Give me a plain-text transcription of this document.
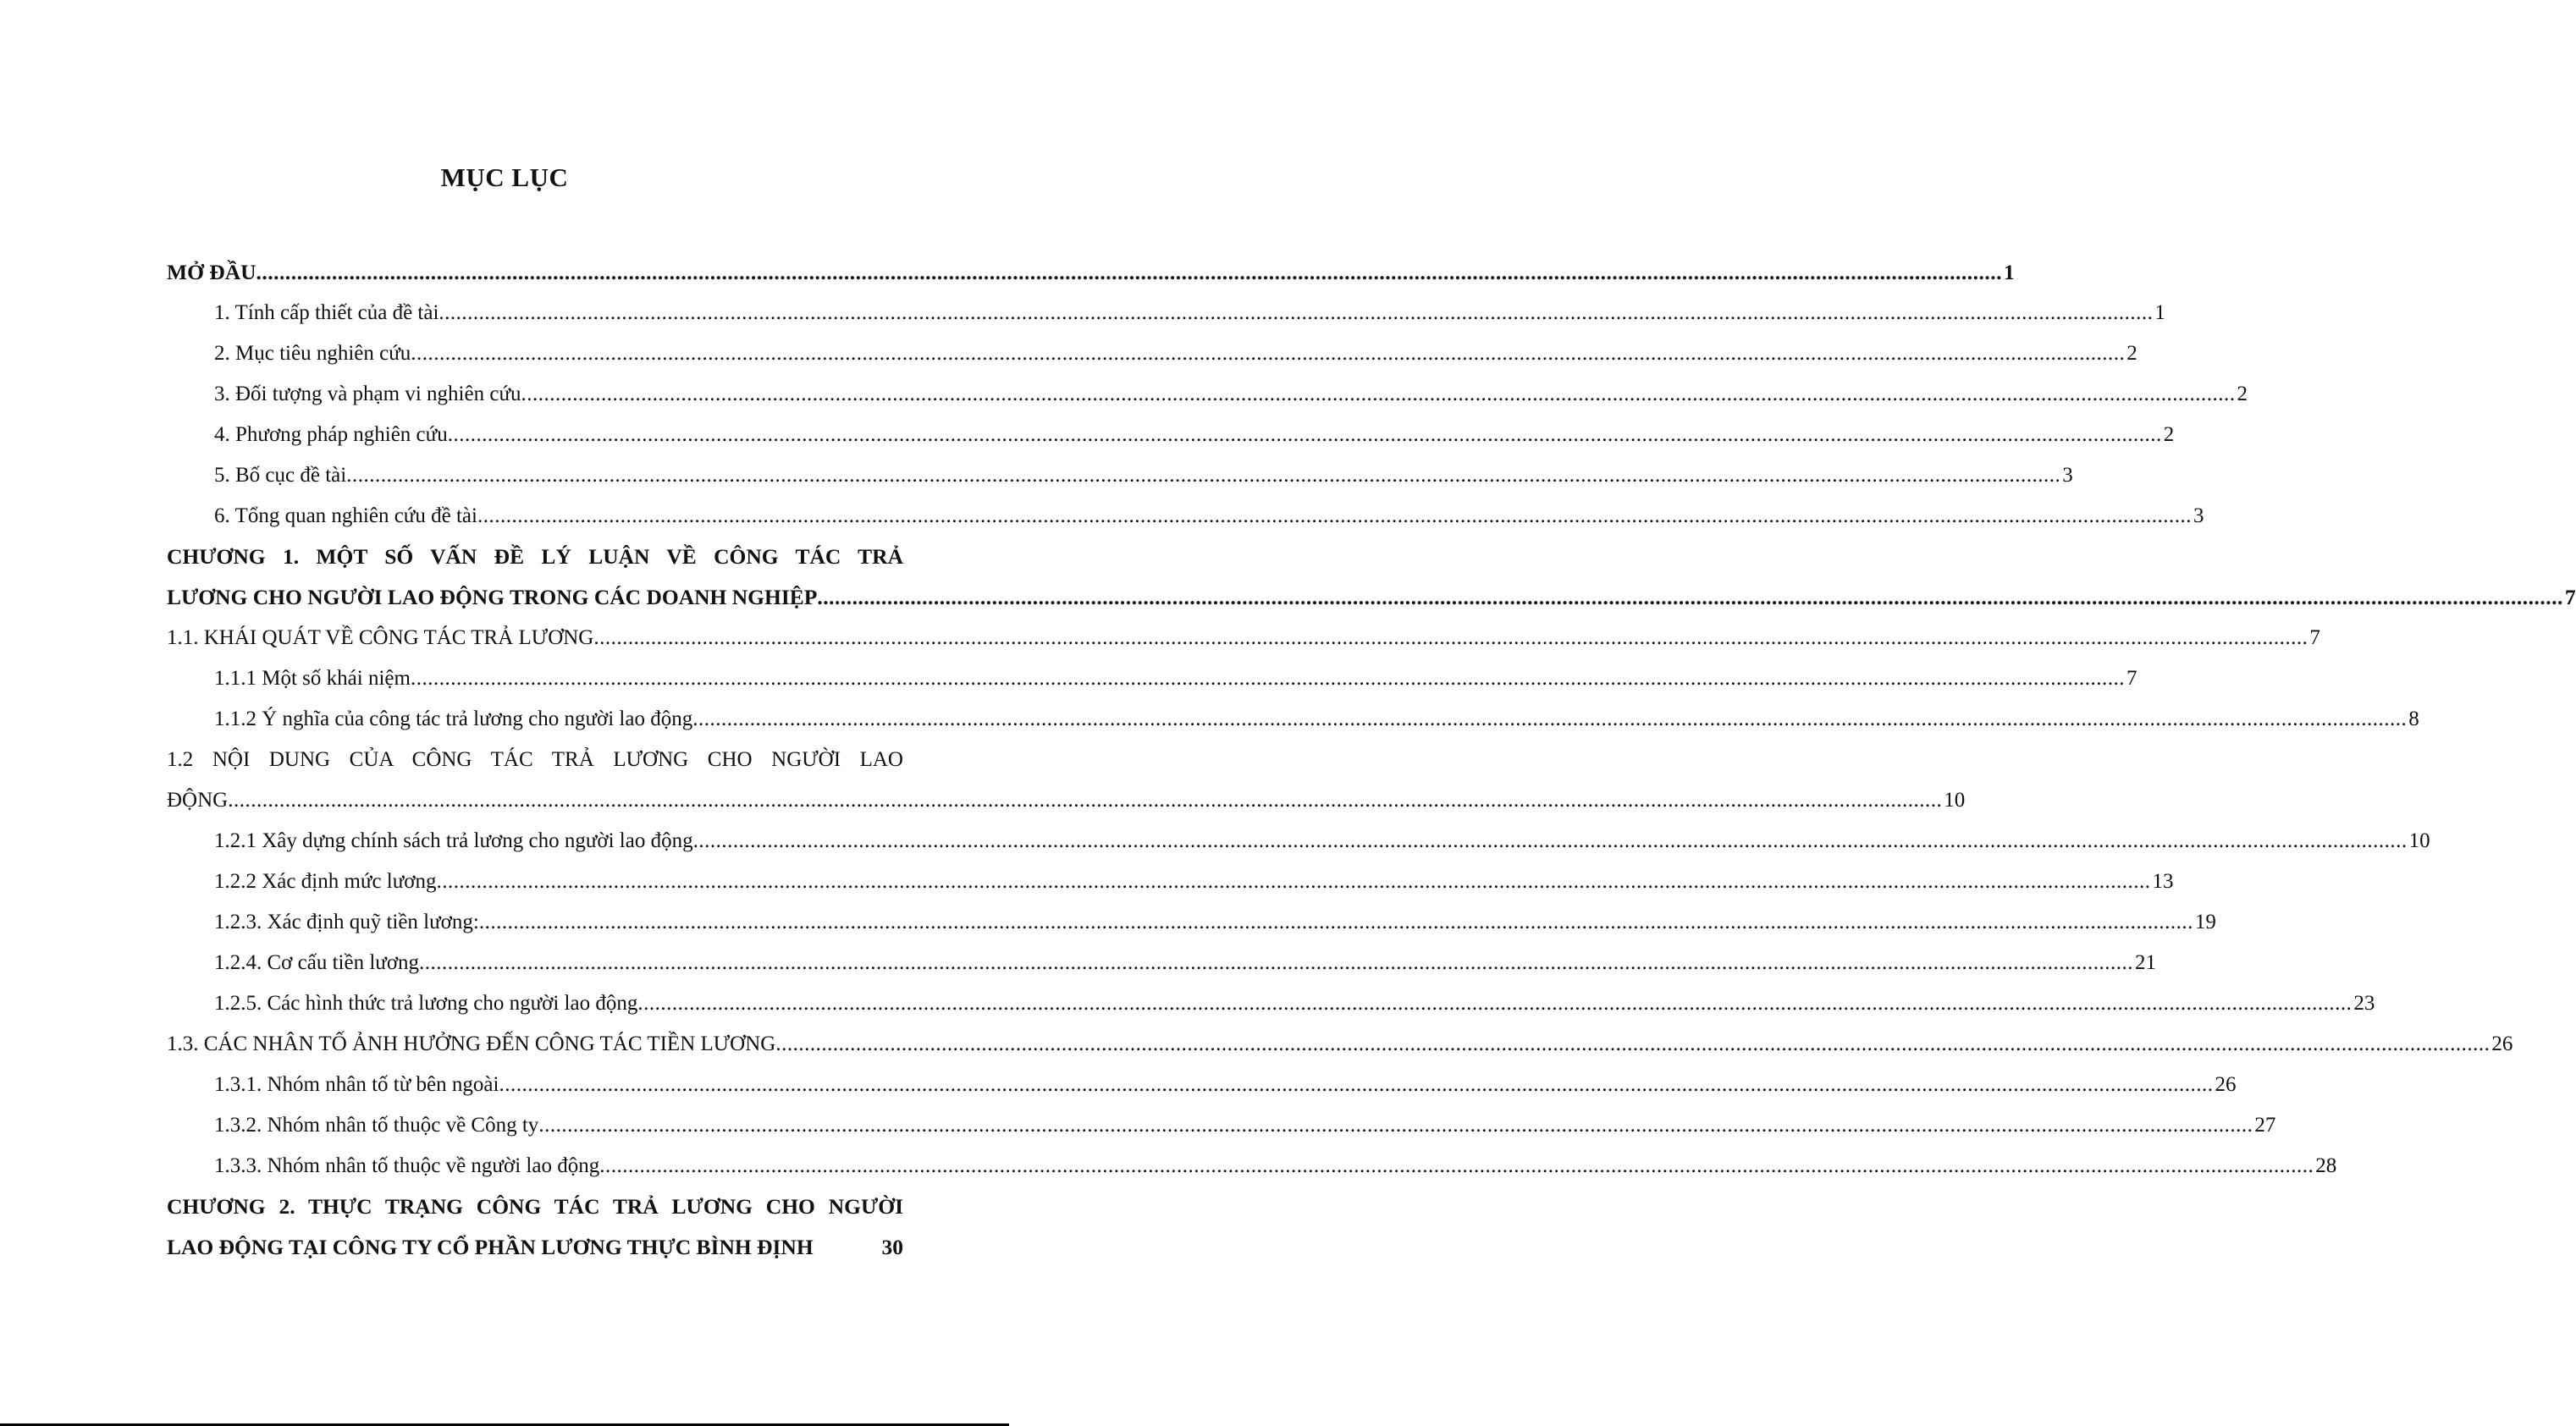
MỤC LỤC
MỞ ĐẦU ............................................................................................................................................................................................................................................................................................................ 1
1. Tính cấp thiết của đề tài ............................................................................................................................................................................................................................................................................................................ 1
2. Mục tiêu nghiên cứu ............................................................................................................................................................................................................................................................................................................ 2
3. Đối tượng và phạm vi nghiên cứu ............................................................................................................................................................................................................................................................................................................ 2
4. Phương pháp nghiên cứu ............................................................................................................................................................................................................................................................................................................ 2
5. Bố cục đề tài ............................................................................................................................................................................................................................................................................................................ 3
6. Tổng quan nghiên cứu đề tài ............................................................................................................................................................................................................................................................................................................ 3
CHƯƠNG 1. MỘT SỐ VẤN ĐỀ LÝ LUẬN VỀ CÔNG TÁC TRẢ
LƯƠNG CHO NGƯỜI LAO ĐỘNG TRONG CÁC DOANH NGHIỆP ............................................................................................................................................................................................................................................................................................................ 7
1.1. KHÁI QUÁT VỀ CÔNG TÁC TRẢ LƯƠNG ............................................................................................................................................................................................................................................................................................................ 7
1.1.1 Một số khái niệm ............................................................................................................................................................................................................................................................................................................ 7
1.1.2 Ý nghĩa của công tác trả lương cho người lao động ............................................................................................................................................................................................................................................................................................................ 8
1.2 NỘI DUNG CỦA CÔNG TÁC TRẢ LƯƠNG CHO NGƯỜI LAO
ĐỘNG ............................................................................................................................................................................................................................................................................................................ 10
1.2.1 Xây dựng chính sách trả lương cho người lao động ............................................................................................................................................................................................................................................................................................................ 10
1.2.2 Xác định mức lương ............................................................................................................................................................................................................................................................................................................ 13
1.2.3. Xác định quỹ tiền lương: ............................................................................................................................................................................................................................................................................................................ 19
1.2.4. Cơ cấu tiền lương ............................................................................................................................................................................................................................................................................................................ 21
1.2.5. Các hình thức trả lương cho người lao động ............................................................................................................................................................................................................................................................................................................ 23
1.3. CÁC NHÂN TỐ ẢNH HƯỞNG ĐẾN CÔNG TÁC TIỀN LƯƠNG ............................................................................................................................................................................................................................................................................................................ 26
1.3.1. Nhóm nhân tố từ bên ngoài ............................................................................................................................................................................................................................................................................................................ 26
1.3.2. Nhóm nhân tố thuộc về Công ty ............................................................................................................................................................................................................................................................................................................ 27
1.3.3. Nhóm nhân tố thuộc về người lao động ............................................................................................................................................................................................................................................................................................................ 28
CHƯƠNG 2. THỰC TRẠNG CÔNG TÁC TRẢ LƯƠNG CHO NGƯỜI
LAO ĐỘNG TẠI CÔNG TY CỔ PHẦN LƯƠNG THỰC BÌNH ĐỊNH	30
